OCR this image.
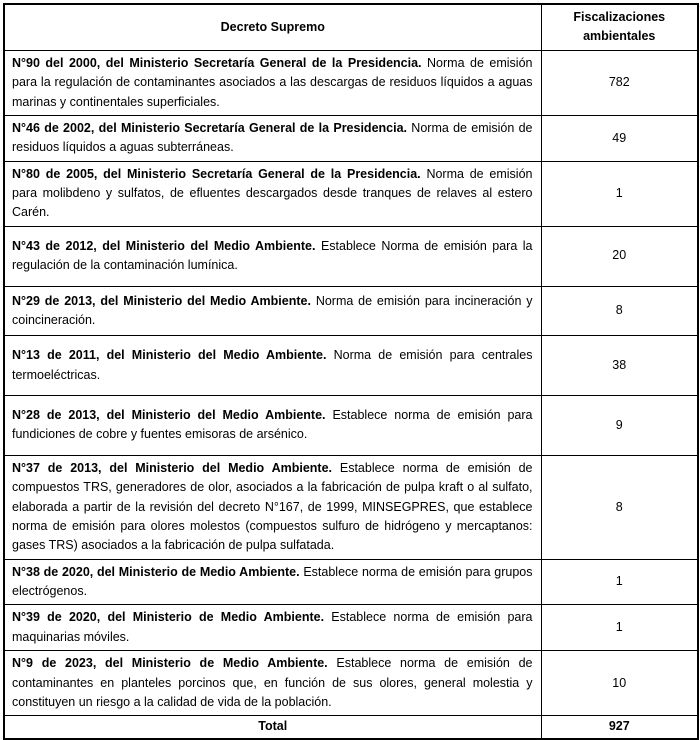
Decreto Supremo	Fiscalizaciones ambientales
N°90 del 2000, del Ministerio Secretaría General de la Presidencia. Norma de emisión para la regulación de contaminantes asociados a las descargas de residuos líquidos a aguas marinas y continentales superficiales.	782
N°46 de 2002, del Ministerio Secretaría General de la Presidencia. Norma de emisión de residuos líquidos a aguas subterráneas.	49
N°80 de 2005, del Ministerio Secretaría General de la Presidencia. Norma de emisión para molibdeno y sulfatos, de efluentes descargados desde tranques de relaves al estero Carén.	1
N°43 de 2012, del Ministerio del Medio Ambiente. Establece Norma de emisión para la regulación de la contaminación lumínica.	20
N°29 de 2013, del Ministerio del Medio Ambiente. Norma de emisión para incineración y coincineración.	8
N°13 de 2011, del Ministerio del Medio Ambiente. Norma de emisión para centrales termoeléctricas.	38
N°28 de 2013, del Ministerio del Medio Ambiente. Establece norma de emisión para fundiciones de cobre y fuentes emisoras de arsénico.	9
N°37 de 2013, del Ministerio del Medio Ambiente. Establece norma de emisión de compuestos TRS, generadores de olor, asociados a la fabricación de pulpa kraft o al sulfato, elaborada a partir de la revisión del decreto N°167, de 1999, MINSEGPRES, que establece norma de emisión para olores molestos (compuestos sulfuro de hidrógeno y mercaptanos: gases TRS) asociados a la fabricación de pulpa sulfatada.	8
N°38 de 2020, del Ministerio de Medio Ambiente. Establece norma de emisión para grupos electrógenos.	1
N°39 de 2020, del Ministerio de Medio Ambiente. Establece norma de emisión para maquinarias móviles.	1
N°9 de 2023, del Ministerio de Medio Ambiente. Establece norma de emisión de contaminantes en planteles porcinos que, en función de sus olores, general molestia y constituyen un riesgo a la calidad de vida de la población.	10
Total	927
